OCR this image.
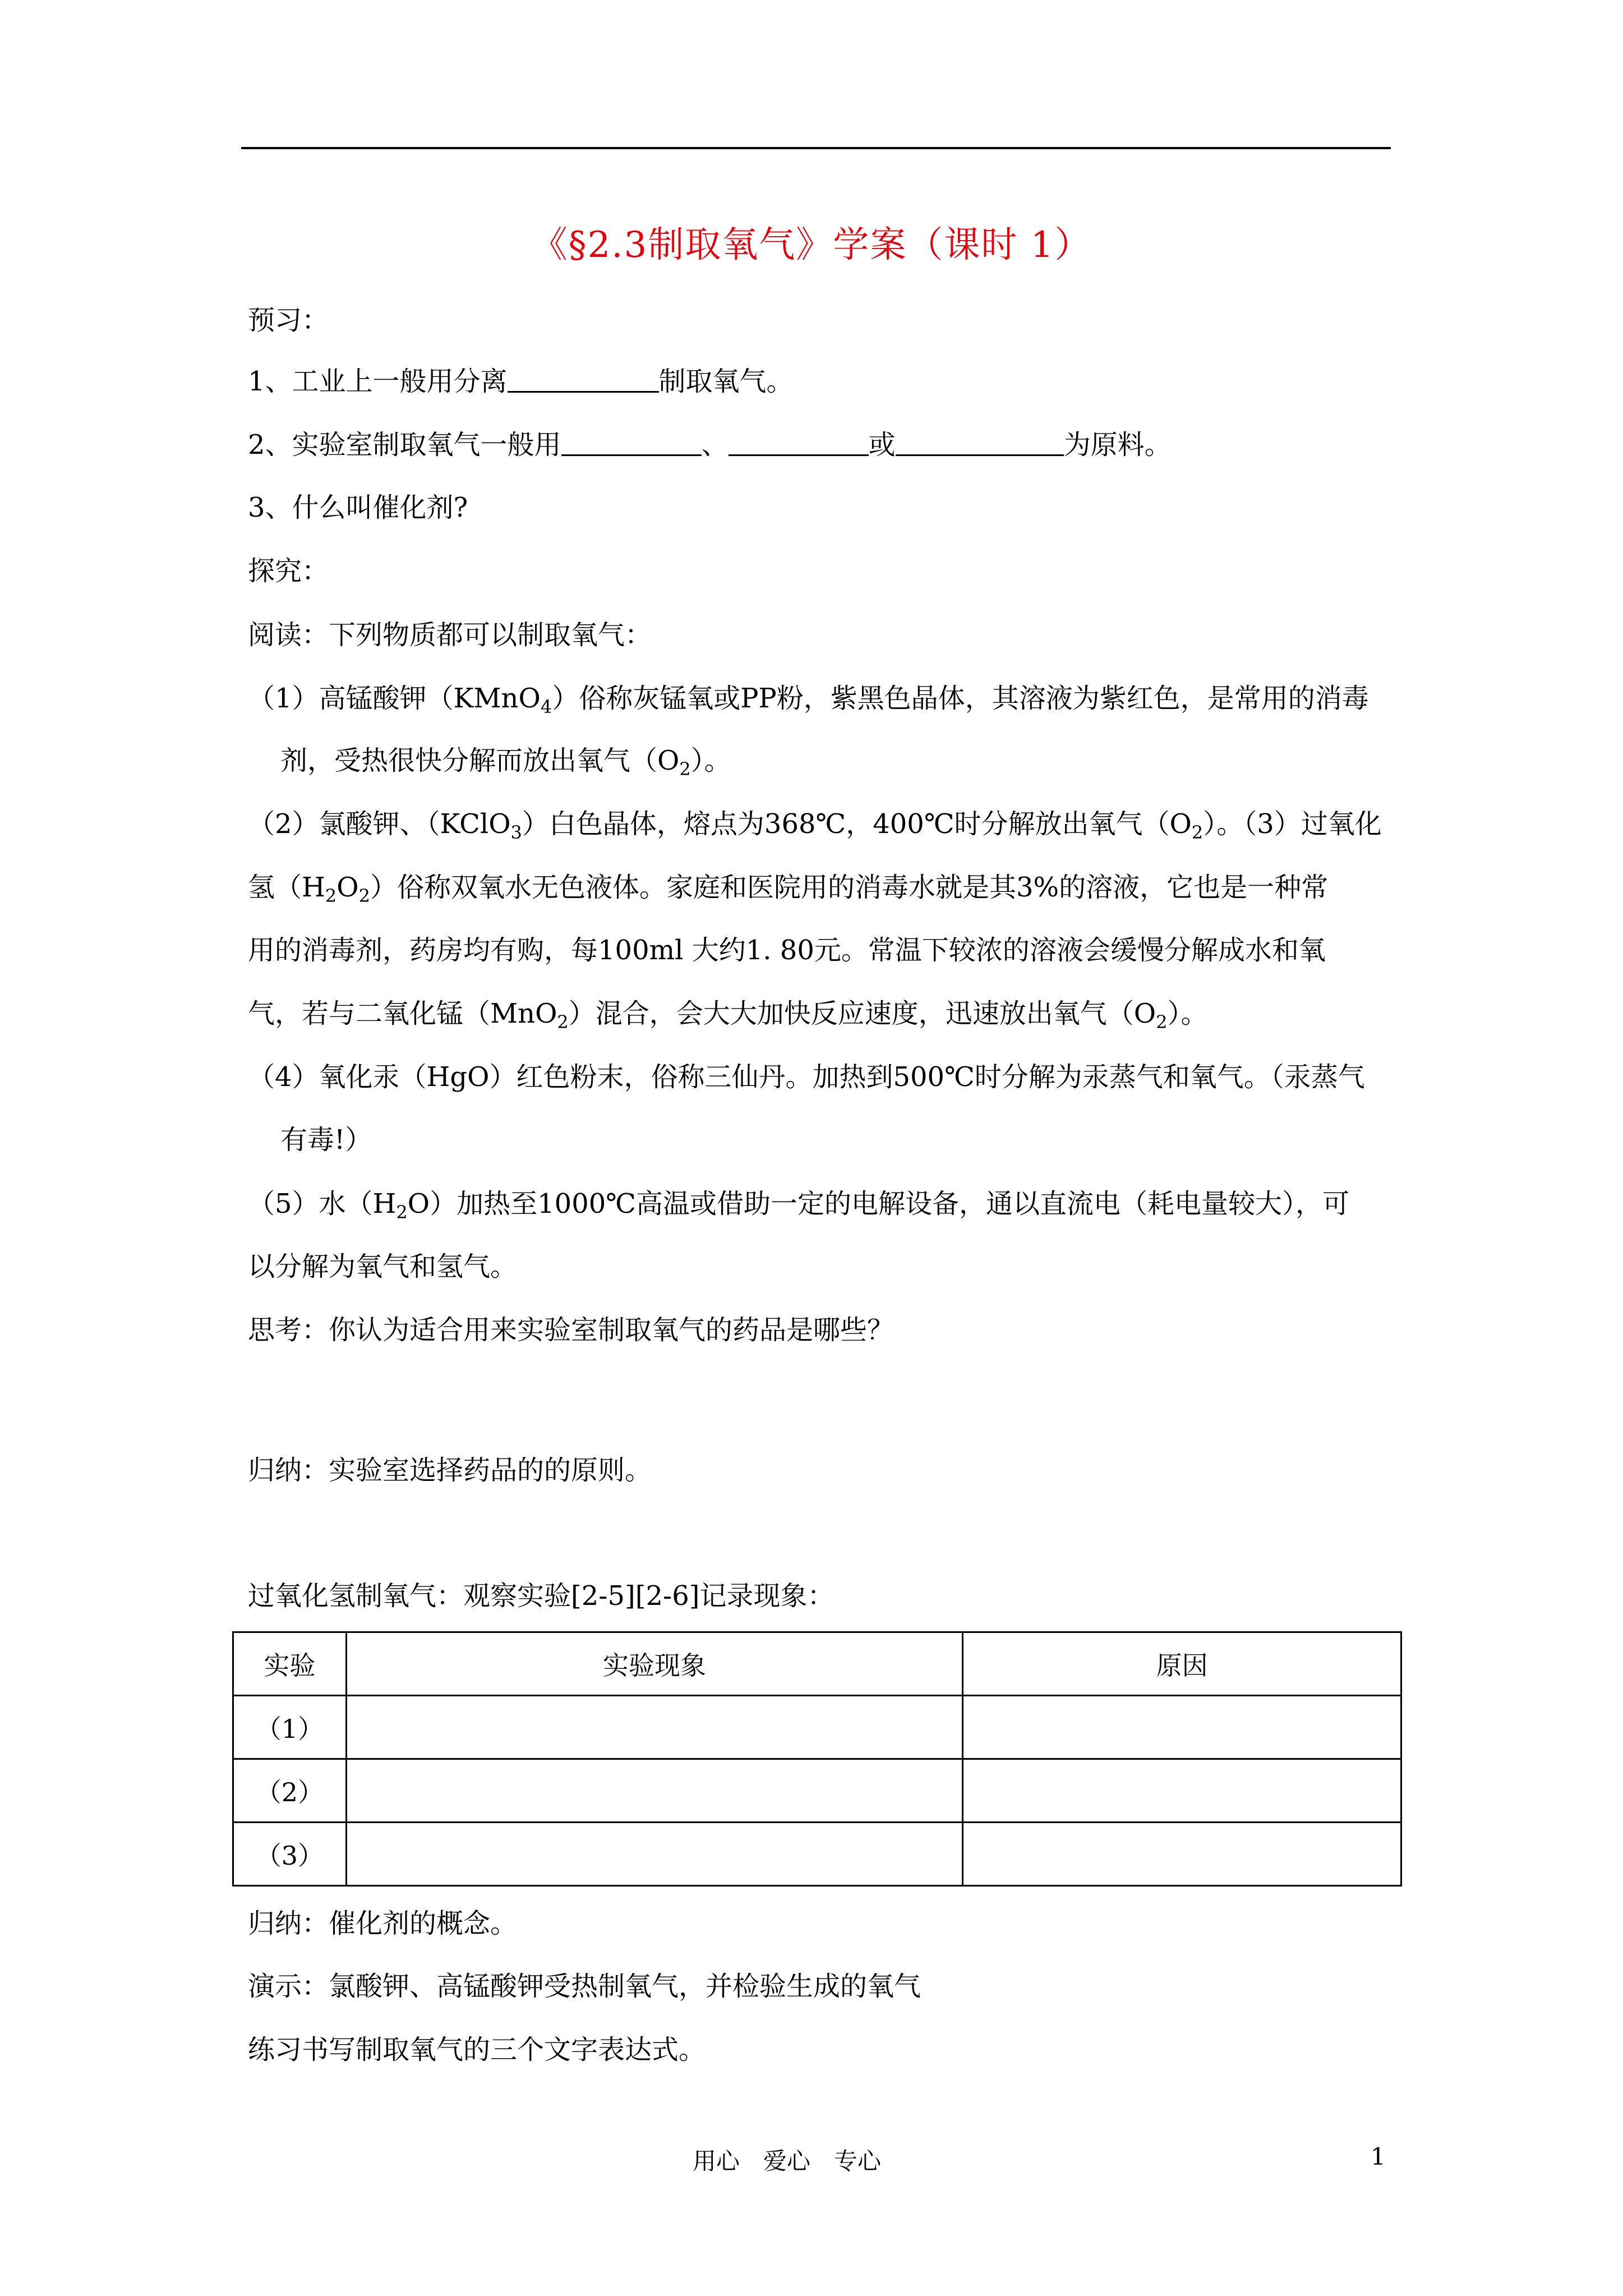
《§2.3制取氧气》学案（课时 1）
预习：
1、工业上一般用分离	制取氧气。
2、实验室制取氧气一般用	、	或	为原料。
3、什么叫催化剂?
探究：
阅读：下列物质都可以制取氧气：
（1）高锰酸钾（KMnO$_4$）俗称灰锰氧或PP粉，紫黑色晶体，其溶液为紫红色，是常用的消毒
剂，受热很快分解而放出氧气$(O_2)$。
（2）氯酸钾、（KClO$_3$）白色晶体，熔点为368℃，400℃时分解放出氧气$(O_2)$。（3）过氧化
氢$(H_2O_2)$俗称双氧水无色液体。家庭和医院用的消毒水就是其3%的溶液，它也是一种常
用的消毒剂，药房均有购，每100ml 大约1. 80元。常温下较浓的溶液会缓慢分解成水和氧
气，若与二氧化锰（MnO$_2$）混合，会大大加快反应速度，迅速放出氧气$(O_2)$。
（4）氧化汞（HgO）红色粉末，俗称三仙丹。加热到500℃时分解为汞蒸气和氧气。（汞蒸气
有毒!）
（5）水$(H_2O)$加热至1000℃高温或借助一定的电解设备，通以直流电（耗电量较大），可
以分解为氧气和氢气。
思考：你认为适合用来实验室制取氧气的药品是哪些？
归纳：实验室选择药品的的原则。
过氧化氢制氧气：观察实验[2-5][2-6]记录现象：
实验	实验现象	原因
（1）		
（2）		
（3）		
归纳：催化剂的概念。
演示：氯酸钾、高锰酸钾受热制氧气，并检验生成的氧气
练习书写制取氧气的三个文字表达式。
用心　爱心　专心	1
